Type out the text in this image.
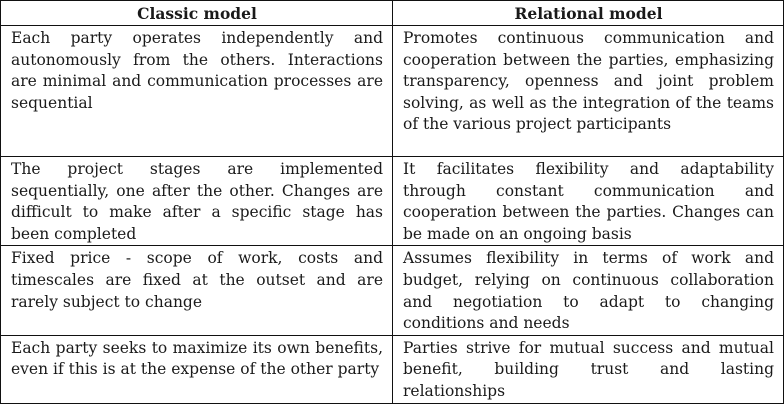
Classic model	Relational model
Each party operates independently and autonomously from the others. Interactions are minimal and communication processes are sequential	Promotes continuous communication and cooperation between the parties, emphasizing transparency, openness and joint problem solving, as well as the integration of the teams of the various project participants
The project stages are implemented sequentially, one after the other. Changes are difficult to make after a specific stage has been completed	It facilitates flexibility and adaptability through constant communication and cooperation between the parties. Changes can be made on an ongoing basis
Fixed price - scope of work, costs and timescales are fixed at the outset and are rarely subject to change	Assumes flexibility in terms of work and budget, relying on continuous collaboration and negotiation to adapt to changing conditions and needs
Each party seeks to maximize its own benefits, even if this is at the expense of the other party	Parties strive for mutual success and mutual benefit, building trust and lasting relationships
